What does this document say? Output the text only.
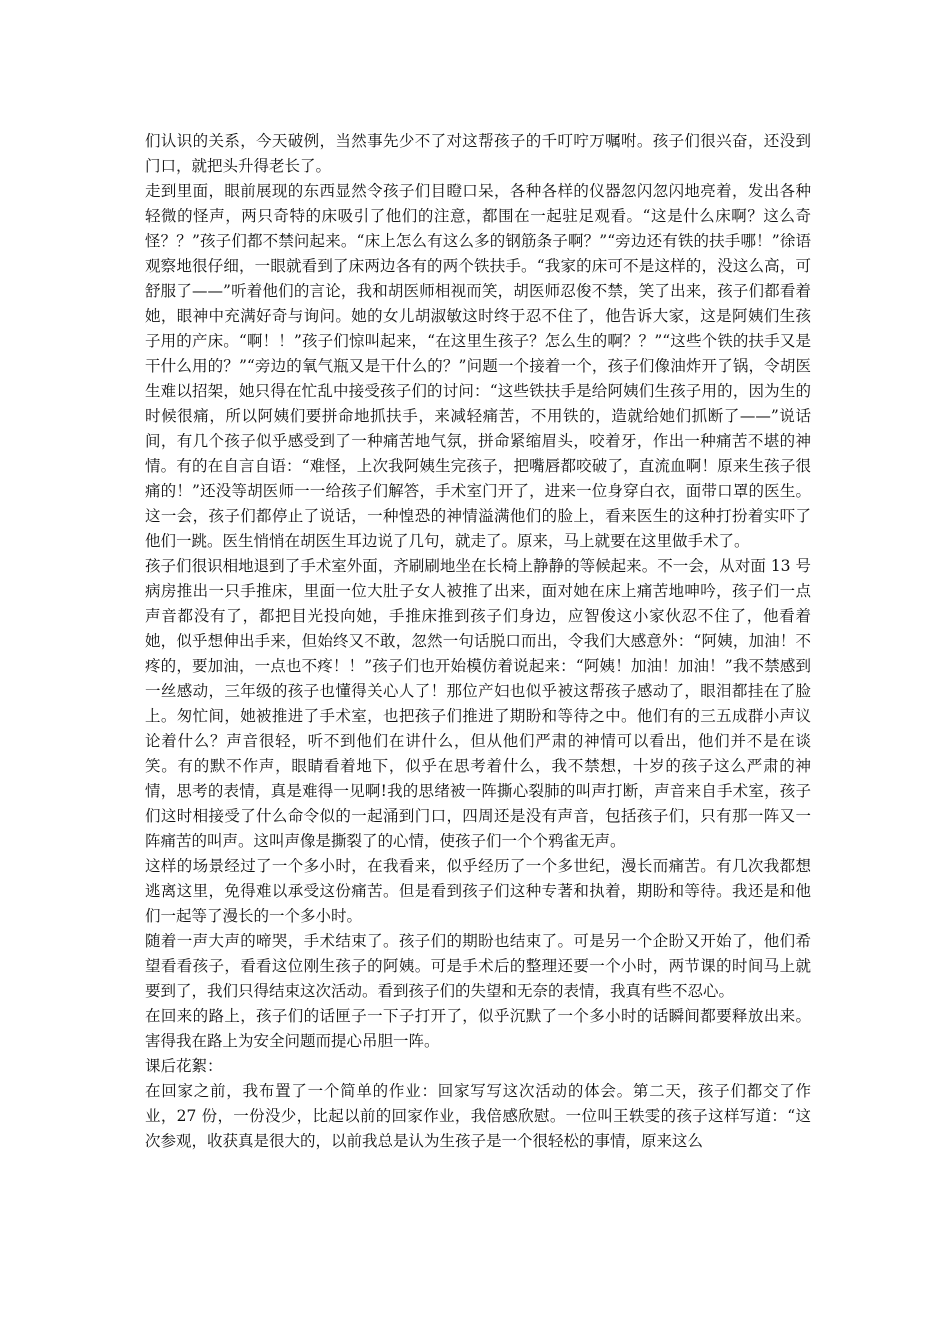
们认识的关系，今天破例，当然事先少不了对这帮孩子的千叮咛万嘱咐。孩子们很兴奋，还没到门口，就把头升得老长了。

走到里面，眼前展现的东西显然令孩子们目瞪口呆，各种各样的仪器忽闪忽闪地亮着，发出各种轻微的怪声，两只奇特的床吸引了他们的注意，都围在一起驻足观看。“这是什么床啊？这么奇怪？？”孩子们都不禁问起来。“床上怎么有这么多的钢筋条子啊？”“旁边还有铁的扶手哪！”徐语观察地很仔细，一眼就看到了床两边各有的两个铁扶手。“我家的床可不是这样的，没这么高，可舒服了——”听着他们的言论，我和胡医师相视而笑，胡医师忍俊不禁，笑了出来，孩子们都看着她，眼神中充满好奇与询问。她的女儿胡淑敏这时终于忍不住了，他告诉大家，这是阿姨们生孩子用的产床。“啊！！”孩子们惊叫起来，“在这里生孩子？怎么生的啊？？”“这些个铁的扶手又是干什么用的？”“旁边的氧气瓶又是干什么的？”问题一个接着一个，孩子们像油炸开了锅，令胡医生难以招架，她只得在忙乱中接受孩子们的讨问：“这些铁扶手是给阿姨们生孩子用的，因为生的时候很痛，所以阿姨们要拼命地抓扶手，来减轻痛苦，不用铁的，造就给她们抓断了——”说话间，有几个孩子似乎感受到了一种痛苦地气氛，拼命紧缩眉头，咬着牙，作出一种痛苦不堪的神情。有的在自言自语：“难怪，上次我阿姨生完孩子，把嘴唇都咬破了，直流血啊！原来生孩子很痛的！”还没等胡医师一一给孩子们解答，手术室门开了，进来一位身穿白衣，面带口罩的医生。这一会，孩子们都停止了说话，一种惶恐的神情溢满他们的脸上，看来医生的这种打扮着实吓了他们一跳。医生悄悄在胡医生耳边说了几句，就走了。原来，马上就要在这里做手术了。

孩子们很识相地退到了手术室外面，齐刷刷地坐在长椅上静静的等候起来。不一会，从对面 13 号病房推出一只手推床，里面一位大肚子女人被推了出来，面对她在床上痛苦地呻吟，孩子们一点声音都没有了，都把目光投向她，手推床推到孩子们身边，应智俊这小家伙忍不住了，他看着她，似乎想伸出手来，但始终又不敢，忽然一句话脱口而出，令我们大感意外：“阿姨，加油！不疼的，要加油，一点也不疼！！”孩子们也开始模仿着说起来：“阿姨！加油！加油！”我不禁感到一丝感动，三年级的孩子也懂得关心人了！那位产妇也似乎被这帮孩子感动了，眼泪都挂在了脸上。匆忙间，她被推进了手术室，也把孩子们推进了期盼和等待之中。他们有的三五成群小声议论着什么？声音很轻，听不到他们在讲什么，但从他们严肃的神情可以看出，他们并不是在谈笑。有的默不作声，眼睛看着地下，似乎在思考着什么，我不禁想，十岁的孩子这么严肃的神情，思考的表情，真是难得一见啊!我的思绪被一阵撕心裂肺的叫声打断，声音来自手术室，孩子们这时相接受了什么命令似的一起涌到门口，四周还是没有声音，包括孩子们，只有那一阵又一阵痛苦的叫声。这叫声像是撕裂了的心情，使孩子们一个个鸦雀无声。

这样的场景经过了一个多小时，在我看来，似乎经历了一个多世纪，漫长而痛苦。有几次我都想逃离这里，免得难以承受这份痛苦。但是看到孩子们这种专著和执着，期盼和等待。我还是和他们一起等了漫长的一个多小时。

随着一声大声的啼哭，手术结束了。孩子们的期盼也结束了。可是另一个企盼又开始了，他们希望看看孩子，看看这位刚生孩子的阿姨。可是手术后的整理还要一个小时，两节课的时间马上就要到了，我们只得结束这次活动。看到孩子们的失望和无奈的表情，我真有些不忍心。

在回来的路上，孩子们的话匣子一下子打开了，似乎沉默了一个多小时的话瞬间都要释放出来。害得我在路上为安全问题而提心吊胆一阵。

课后花絮：

在回家之前，我布置了一个简单的作业：回家写写这次活动的体会。第二天，孩子们都交了作业，27 份，一份没少，比起以前的回家作业，我倍感欣慰。一位叫王轶雯的孩子这样写道：“这次参观，收获真是很大的，以前我总是认为生孩子是一个很轻松的事情，原来这么
